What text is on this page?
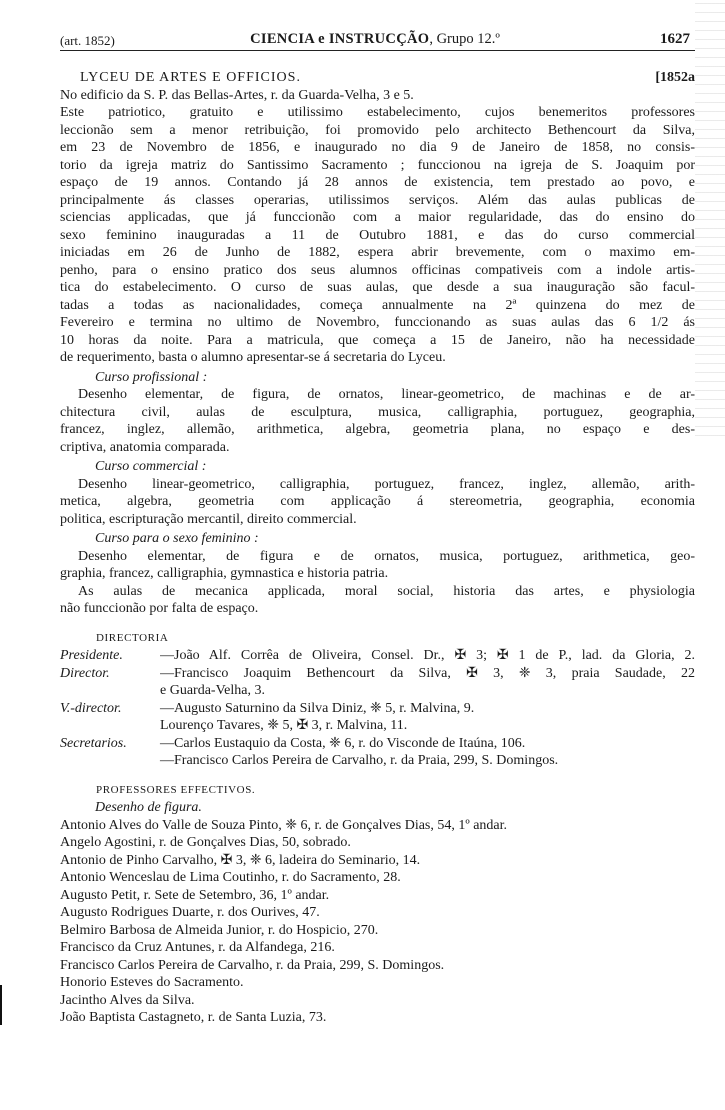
(art. 1852)	CIENCIA e INSTRUCÇÃO, Grupo 12.º	1627
LYCEU DE ARTES E OFFICIOS.	[1852a
No edificio da S. P. das Bellas-Artes, r. da Guarda-Velha, 3 e 5.
Este patriotico, gratuito e utilissimo estabelecimento, cujos benemeritos professores
leccionão sem a menor retribuição, foi promovido pelo architecto Bethencourt da Silva,
em 23 de Novembro de 1856, e inaugurado no dia 9 de Janeiro de 1858, no consis-
torio da igreja matriz do Santissimo Sacramento ; funccionou na igreja de S. Joaquim por
espaço de 19 annos. Contando já 28 annos de existencia, tem prestado ao povo, e
principalmente ás classes operarias, utilissimos serviços. Além das aulas publicas de
sciencias applicadas, que já funccionão com a maior regularidade, das do ensino do
sexo feminino inauguradas a 11 de Outubro 1881, e das do curso commercial
iniciadas em 26 de Junho de 1882, espera abrir brevemente, com o maximo em-
penho, para o ensino pratico dos seus alumnos officinas compativeis com a indole artis-
tica do estabelecimento. O curso de suas aulas, que desde a sua inauguração são facul-
tadas a todas as nacionalidades, começa annualmente na 2ª quinzena do mez de
Fevereiro e termina no ultimo de Novembro, funccionando as suas aulas das 6 1/2 ás
10 horas da noite. Para a matricula, que começa a 15 de Janeiro, não ha necessidade
de requerimento, basta o alumno apresentar-se á secretaria do Lyceu.
Curso profissional :
Desenho elementar, de figura, de ornatos, linear-geometrico, de machinas e de ar-
chitectura civil, aulas de esculptura, musica, calligraphia, portuguez, geographia,
francez, inglez, allemão, arithmetica, algebra, geometria plana, no espaço e des-
criptiva, anatomia comparada.
Curso commercial :
Desenho linear-geometrico, calligraphia, portuguez, francez, inglez, allemão, arith-
metica, algebra, geometria com applicação á stereometria, geographia, economia
politica, escripturação mercantil, direito commercial.
Curso para o sexo feminino :
Desenho elementar, de figura e de ornatos, musica, portuguez, arithmetica, geo-
graphia, francez, calligraphia, gymnastica e historia patria.
As aulas de mecanica applicada, moral social, historia das artes, e physiologia
não funccionão por falta de espaço.
DIRECTORIA
Presidente.	—João Alf. Corrêa de Oliveira, Consel. Dr., ✠ 3; ✠ 1 de P., lad. da Gloria, 2.
Director.	—Francisco Joaquim Bethencourt da Silva, ✠ 3, ❈ 3, praia Saudade, 22
e Guarda-Velha, 3.
V.-director.	—Augusto Saturnino da Silva Diniz, ❈ 5, r. Malvina, 9.
Lourenço Tavares, ❈ 5, ✠ 3, r. Malvina, 11.
Secretarios.	—Carlos Eustaquio da Costa, ❈ 6, r. do Visconde de Itaúna, 106.
—Francisco Carlos Pereira de Carvalho, r. da Praia, 299, S. Domingos.
PROFESSORES EFFECTIVOS.
Desenho de figura.
Antonio Alves do Valle de Souza Pinto, ❈ 6, r. de Gonçalves Dias, 54, 1º andar.
Angelo Agostini, r. de Gonçalves Dias, 50, sobrado.
Antonio de Pinho Carvalho, ✠ 3, ❈ 6, ladeira do Seminario, 14.
Antonio Wenceslau de Lima Coutinho, r. do Sacramento, 28.
Augusto Petit, r. Sete de Setembro, 36, 1º andar.
Augusto Rodrigues Duarte, r. dos Ourives, 47.
Belmiro Barbosa de Almeida Junior, r. do Hospicio, 270.
Francisco da Cruz Antunes, r. da Alfandega, 216.
Francisco Carlos Pereira de Carvalho, r. da Praia, 299, S. Domingos.
Honorio Esteves do Sacramento.
Jacintho Alves da Silva.
João Baptista Castagneto, r. de Santa Luzia, 73.
